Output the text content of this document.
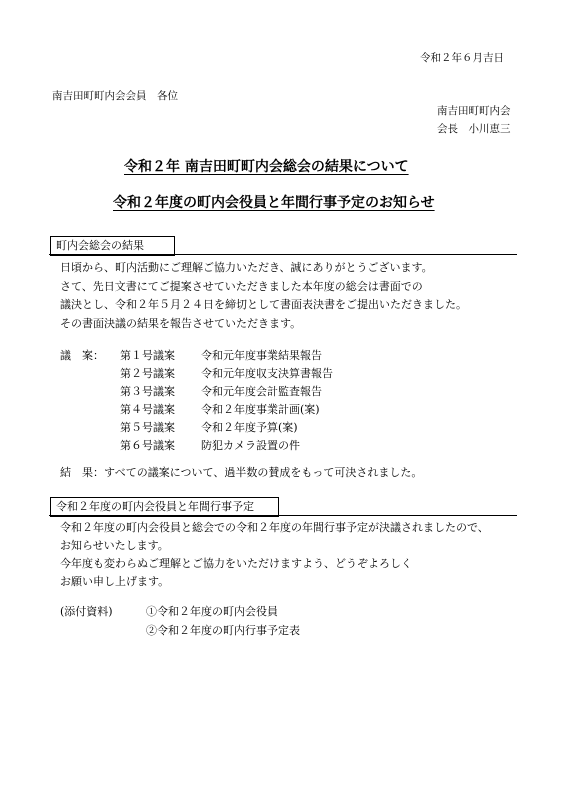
令和２年６月吉日
南吉田町町内会会員　各位
南吉田町町内会
会長　小川恵三
令和２年 南吉田町町内会総会の結果について
令和２年度の町内会役員と年間行事予定のお知らせ
町内会総会の結果
日頃から、町内活動にご理解ご協力いただき、誠にありがとうございます。
さて、先日文書にてご提案させていただきました本年度の総会は書面での
議決とし、令和２年５月２４日を締切として書面表決書をご提出いただきました。
その書面決議の結果を報告させていただきます。
議　案： 第１号議案 令和元年度事業結果報告
第２号議案 令和元年度収支決算書報告
第３号議案 令和元年度会計監査報告
第４号議案 令和２年度事業計画(案)
第５号議案 令和２年度予算(案)
第６号議案 防犯カメラ設置の件
結　果：すべての議案について、過半数の賛成をもって可決されました。
令和２年度の町内会役員と年間行事予定
令和２年度の町内会役員と総会での令和２年度の年間行事予定が決議されましたので、
お知らせいたします。
今年度も変わらぬご理解とご協力をいただけますよう、どうぞよろしく
お願い申し上げます。
(添付資料)	①令和２年度の町内会役員
②令和２年度の町内行事予定表
